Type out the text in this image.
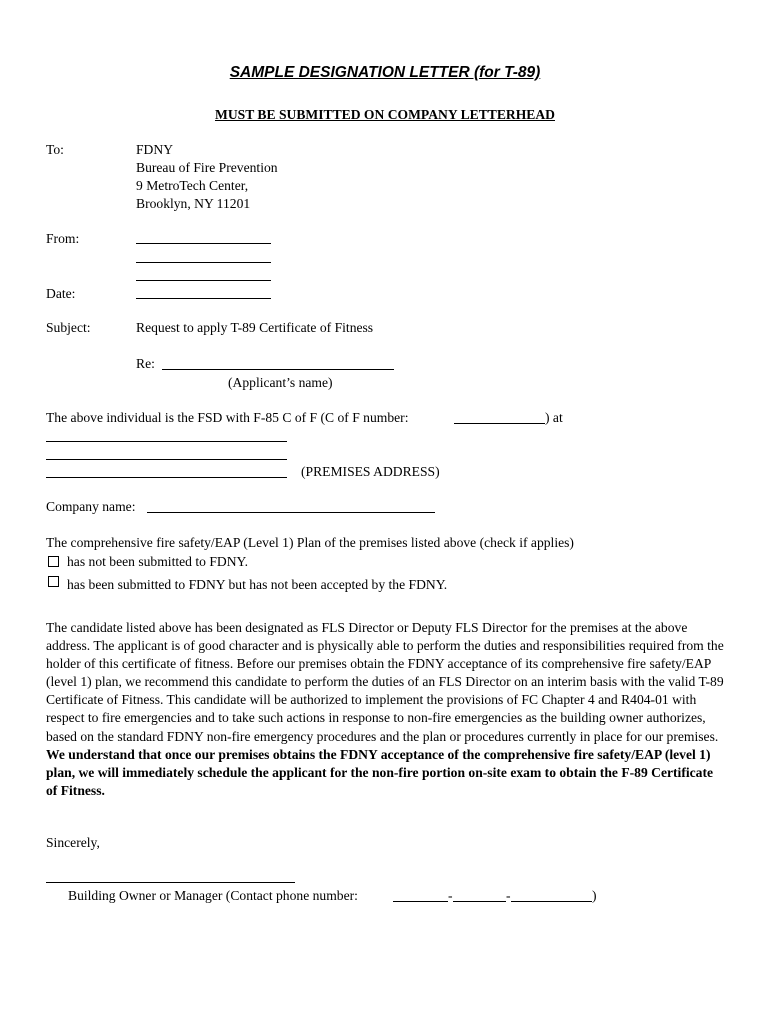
SAMPLE DESIGNATION LETTER (for T-89)
MUST BE SUBMITTED ON COMPANY LETTERHEAD
To:	FDNY
Bureau of Fire Prevention
9 MetroTech Center,
Brooklyn, NY 11201
From:
Date:
Subject:	Request to apply T-89 Certificate of Fitness
Re:
(Applicant’s name)
The above individual is the FSD with F-85 C of F (C of F number:	) at
(PREMISES ADDRESS)
Company name:
The comprehensive fire safety/EAP (Level 1) Plan of the premises listed above (check if applies)
has not been submitted to FDNY.
has been submitted to FDNY but has not been accepted by the FDNY.
The candidate listed above has been designated as FLS Director or Deputy FLS Director for the premises at the above address. The applicant is of good character and is physically able to perform the duties and responsibilities required from the holder of this certificate of fitness. Before our premises obtain the FDNY acceptance of its comprehensive fire safety/EAP (level 1) plan, we recommend this candidate to perform the duties of an FLS Director on an interim basis with the valid T-89 Certificate of Fitness. This candidate will be authorized to implement the provisions of FC Chapter 4 and R404-01 with respect to fire emergencies and to take such actions in response to non-fire emergencies as the building owner authorizes, based on the standard FDNY non-fire emergency procedures and the plan or procedures currently in place for our premises. We understand that once our premises obtains the FDNY acceptance of the comprehensive fire safety/EAP (level 1) plan, we will immediately schedule the applicant for the non-fire portion on-site exam to obtain the F-89 Certificate of Fitness.
Sincerely,
Building Owner or Manager (Contact phone number:	-	-	)
